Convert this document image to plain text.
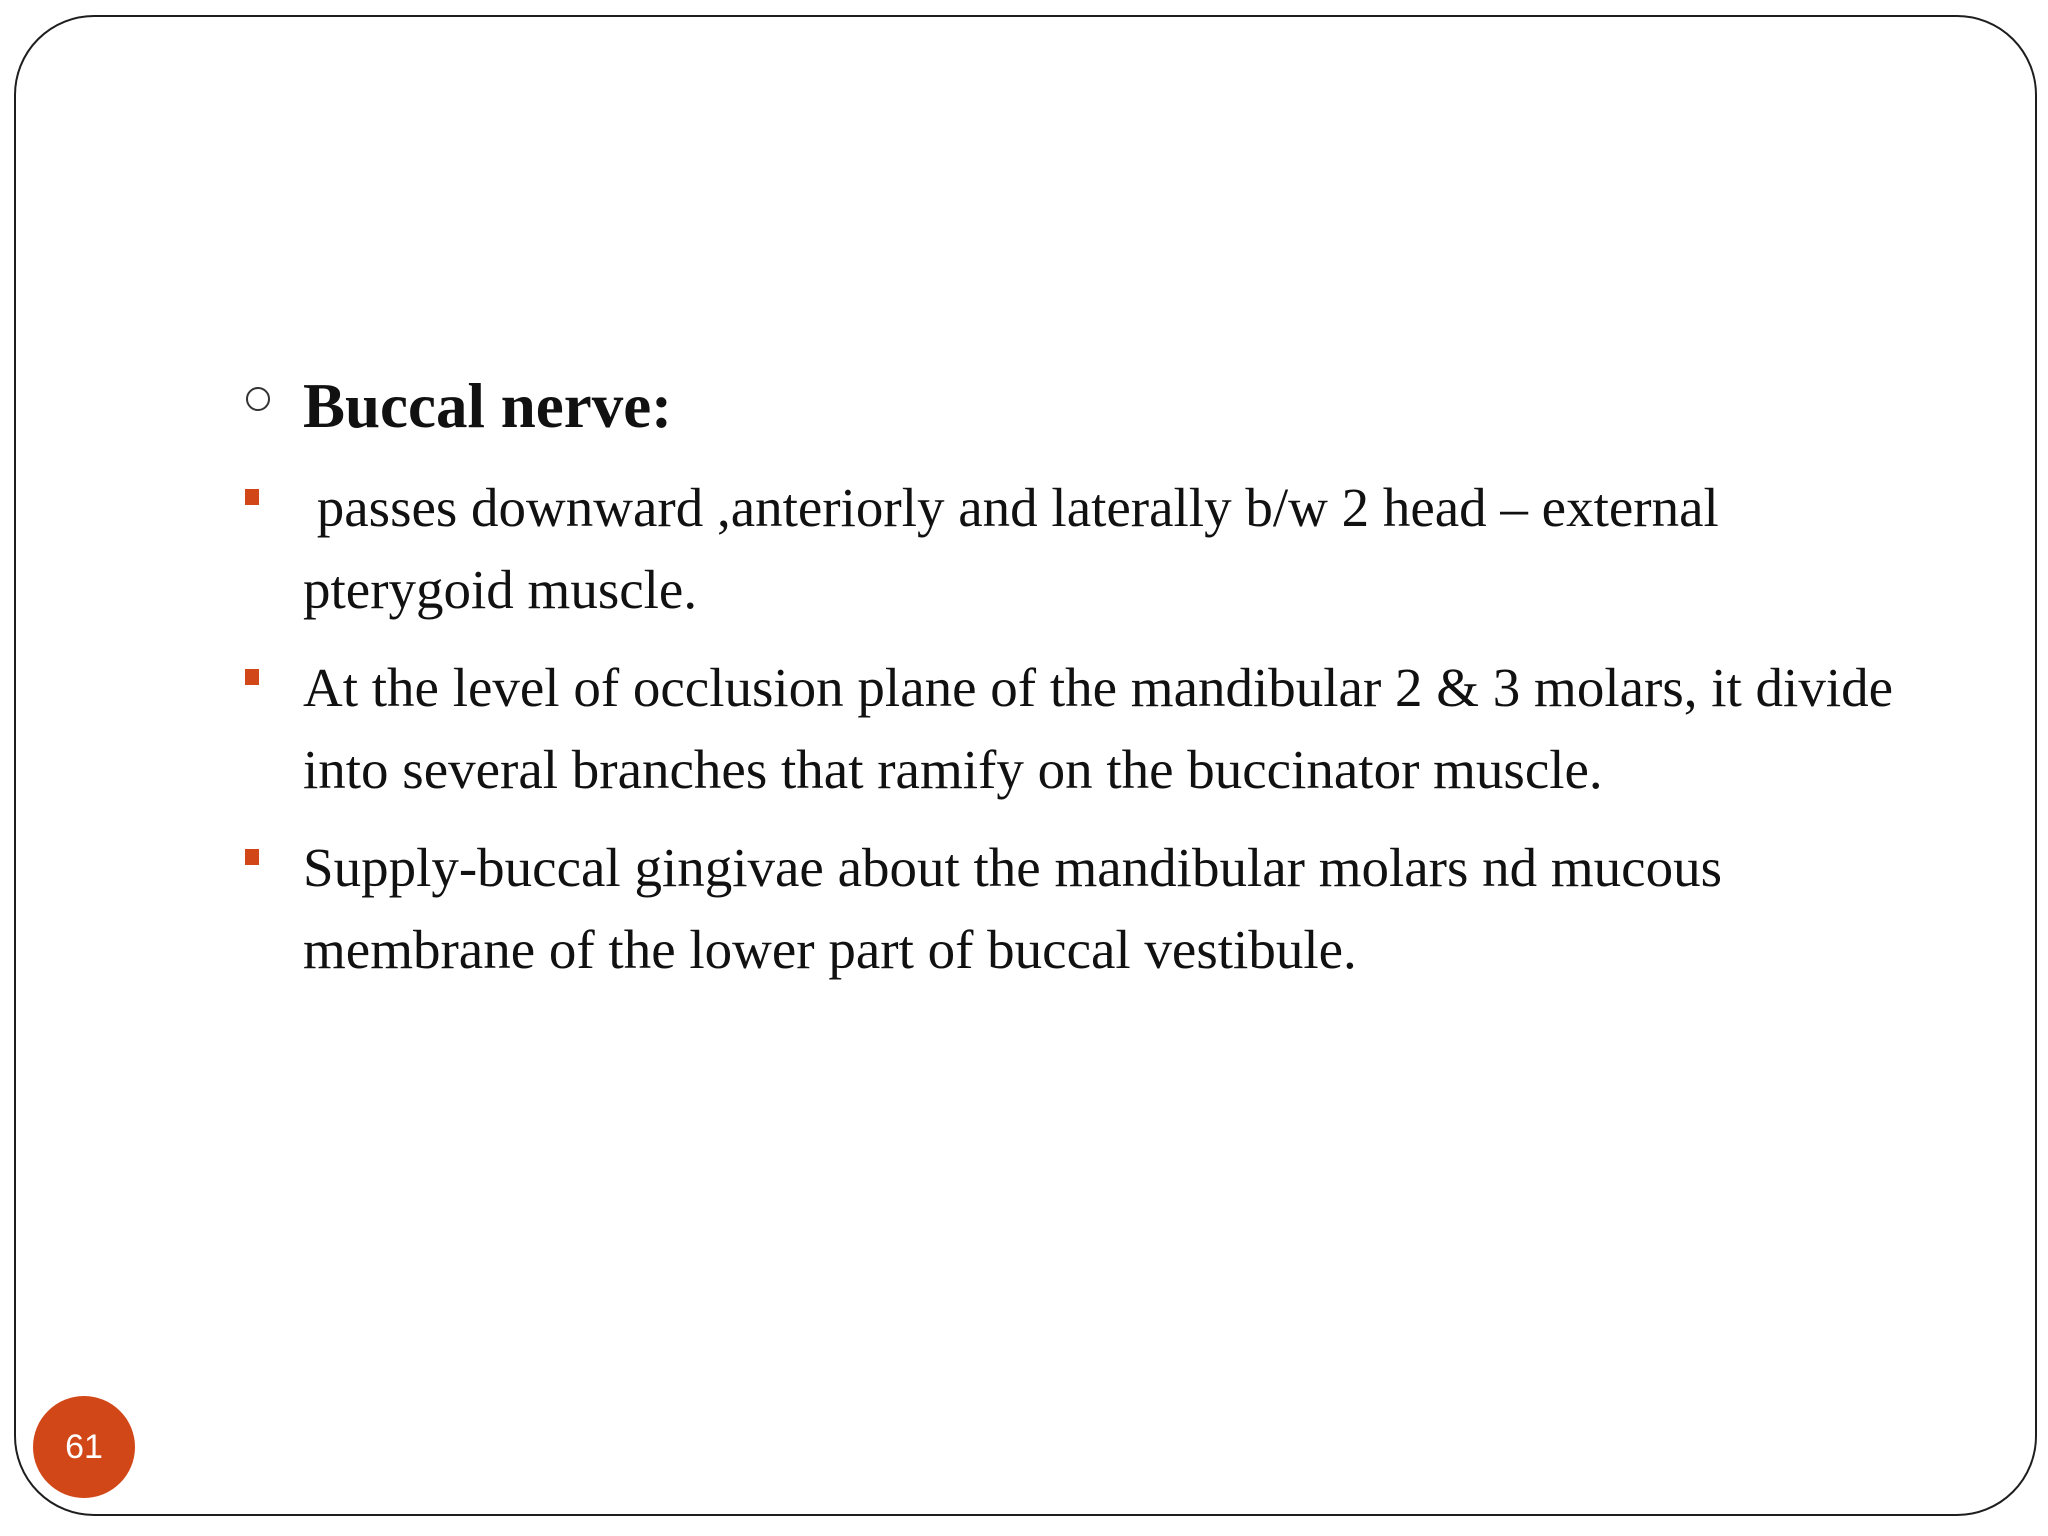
Buccal nerve:
passes downward ,anteriorly and laterally b/w 2 head – external pterygoid muscle.
At the level of occlusion plane of the mandibular 2 & 3 molars, it divide into several branches that ramify on the buccinator muscle.
Supply-buccal gingivae about the mandibular molars nd mucous membrane of the lower part of buccal vestibule.
61
